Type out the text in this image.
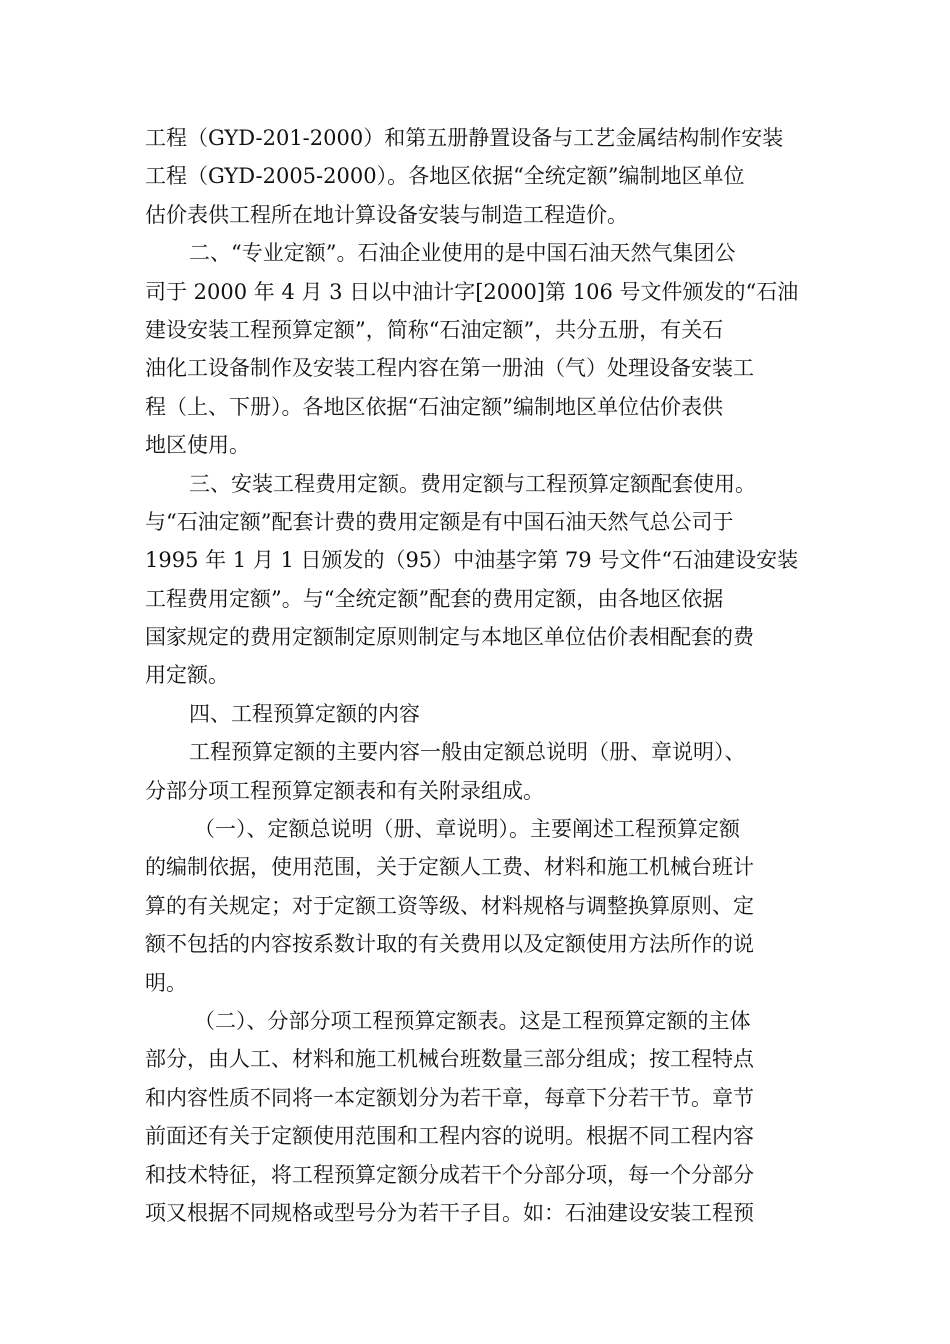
工程（GYD-201-2000）和第五册静置设备与工艺金属结构制作安装
工程（GYD-2005-2000）。各地区依据“全统定额”编制地区单位
估价表供工程所在地计算设备安装与制造工程造价。
二、“专业定额”。石油企业使用的是中国石油天然气集团公
司于 2000 年 4 月 3 日以中油计字[2000]第 106 号文件颁发的“石油
建设安装工程预算定额”，简称“石油定额”，共分五册，有关石
油化工设备制作及安装工程内容在第一册油（气）处理设备安装工
程（上、下册）。各地区依据“石油定额”编制地区单位估价表供
地区使用。
三、安装工程费用定额。费用定额与工程预算定额配套使用。
与“石油定额”配套计费的费用定额是有中国石油天然气总公司于
1995 年 1 月 1 日颁发的（95）中油基字第 79 号文件“石油建设安装
工程费用定额”。与“全统定额”配套的费用定额，由各地区依据
国家规定的费用定额制定原则制定与本地区单位估价表相配套的费
用定额。
四、工程预算定额的内容
工程预算定额的主要内容一般由定额总说明（册、章说明）、
分部分项工程预算定额表和有关附录组成。
（一）、定额总说明（册、章说明）。主要阐述工程预算定额
的编制依据，使用范围，关于定额人工费、材料和施工机械台班计
算的有关规定；对于定额工资等级、材料规格与调整换算原则、定
额不包括的内容按系数计取的有关费用以及定额使用方法所作的说
明。
（二）、分部分项工程预算定额表。这是工程预算定额的主体
部分，由人工、材料和施工机械台班数量三部分组成；按工程特点
和内容性质不同将一本定额划分为若干章，每章下分若干节。章节
前面还有关于定额使用范围和工程内容的说明。根据不同工程内容
和技术特征，将工程预算定额分成若干个分部分项，每一个分部分
项又根据不同规格或型号分为若干子目。如：石油建设安装工程预
